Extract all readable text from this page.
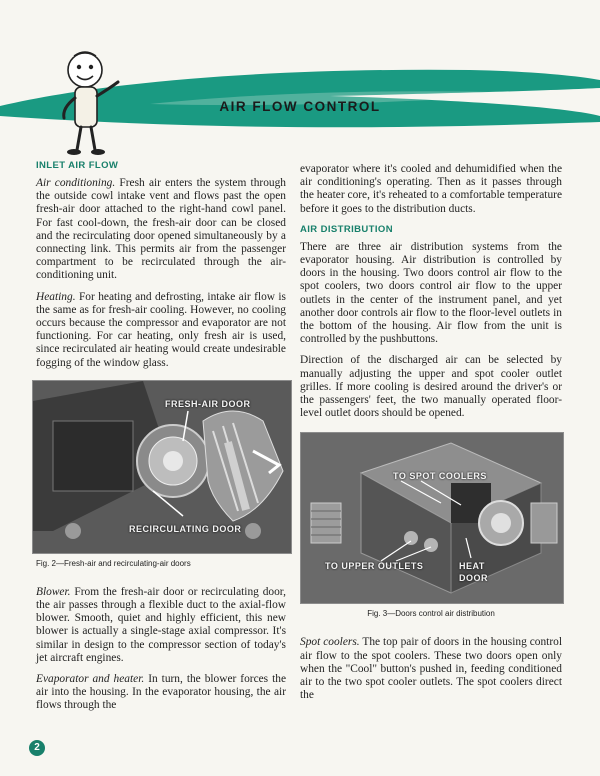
AIR FLOW CONTROL
INLET AIR FLOW

Air conditioning. Fresh air enters the system through the outside cowl intake vent and flows past the open fresh-air door attached to the right-hand cowl panel. For fast cool-down, the fresh-air door can be closed and the recirculating door opened simultaneously by a connecting link. This permits air from the passenger compartment to be recirculated through the air-conditioning unit.

Heating. For heating and defrosting, intake air flow is the same as for fresh-air cooling. However, no cooling occurs because the compressor and evaporator are not functioning. For car heating, only fresh air is used, since recirculated air heating would create undesirable fogging of the window glass.

FRESH-AIR DOOR
RECIRCULATING DOOR
Fig. 2—Fresh-air and recirculating-air doors

Blower. From the fresh-air door or recirculating door, the air passes through a flexible duct to the axial-flow blower. Smooth, quiet and highly efficient, this new blower is actually a single-stage axial compressor. It's similar in design to the compressor section of today's jet aircraft engines.

Evaporator and heater. In turn, the blower forces the air into the housing. In the evaporator housing, the air flows through the

evaporator where it's cooled and dehumidified when the air conditioning's operating. Then as it passes through the heater core, it's reheated to a comfortable temperature before it goes to the distribution ducts.

AIR DISTRIBUTION

There are three air distribution systems from the evaporator housing. Air distribution is controlled by doors in the housing. Two doors control air flow to the spot coolers, two doors control air flow to the upper outlets in the center of the instrument panel, and yet another door controls air flow to the floor-level outlets in the bottom of the housing. Air flow from the unit is controlled by the pushbuttons.

Direction of the discharged air can be selected by manually adjusting the upper and spot cooler outlet grilles. If more cooling is desired around the driver's or the passengers' feet, the two manually operated floor-level outlet doors should be opened.

TO SPOT COOLERS
TO UPPER OUTLETS	HEAT
DOOR
Fig. 3—Doors control air distribution

Spot coolers. The top pair of doors in the housing control air flow to the spot coolers. These two doors open only when the "Cool" button's pushed in, feeding conditioned air to the two spot cooler outlets. The spot coolers direct the

2
